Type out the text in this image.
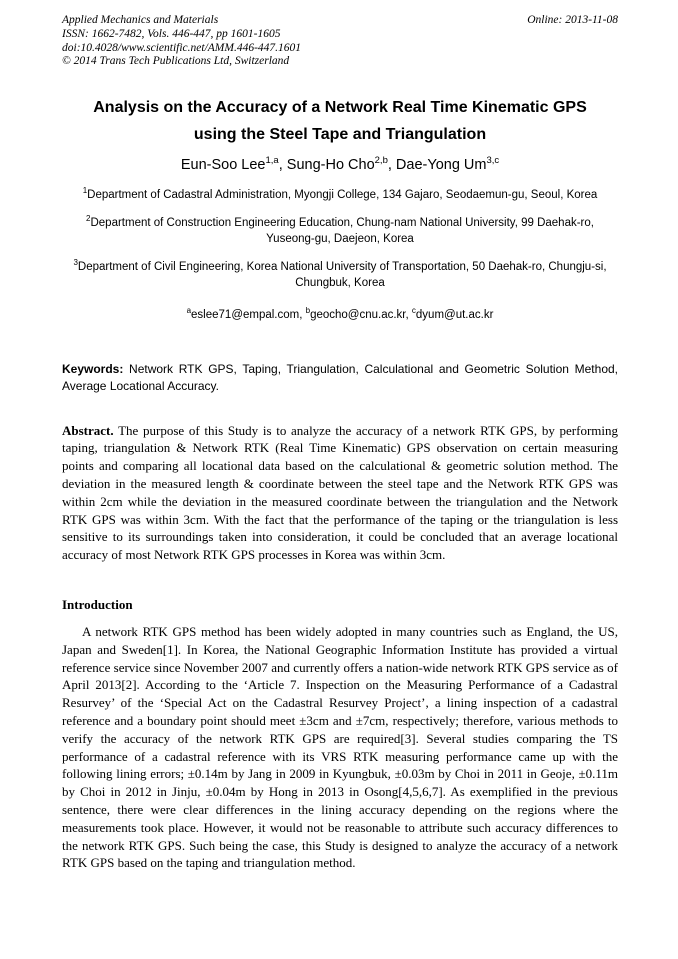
Applied Mechanics and Materials
ISSN: 1662-7482, Vols. 446-447, pp 1601-1605
doi:10.4028/www.scientific.net/AMM.446-447.1601
© 2014 Trans Tech Publications Ltd, Switzerland
Online: 2013-11-08
Analysis on the Accuracy of a Network Real Time Kinematic GPS
using the Steel Tape and Triangulation
Eun-Soo Lee$^{1,a}$, Sung-Ho Cho$^{2,b}$, Dae-Yong Um$^{3,c}$
$^1$Department of Cadastral Administration, Myongji College, 134 Gajaro, Seodaemun-gu, Seoul, Korea
$^2$Department of Construction Engineering Education, Chung-nam National University, 99 Daehak-ro, Yuseong-gu, Daejeon, Korea
$^3$Department of Civil Engineering, Korea National University of Transportation, 50 Daehak-ro, Chungju-si, Chungbuk, Korea
$^a$eslee71@empal.com, $^b$geocho@cnu.ac.kr, $^c$dyum@ut.ac.kr

Keywords: Network RTK GPS, Taping, Triangulation, Calculational and Geometric Solution Method, Average Locational Accuracy.

Abstract. The purpose of this Study is to analyze the accuracy of a network RTK GPS, by performing taping, triangulation & Network RTK (Real Time Kinematic) GPS observation on certain measuring points and comparing all locational data based on the calculational & geometric solution method. The deviation in the measured length & coordinate between the steel tape and the Network RTK GPS was within 2cm while the deviation in the measured coordinate between the triangulation and the Network RTK GPS was within 3cm. With the fact that the performance of the taping or the triangulation is less sensitive to its surroundings taken into consideration, it could be concluded that an average locational accuracy of most Network RTK GPS processes in Korea was within 3cm.

Introduction

A network RTK GPS method has been widely adopted in many countries such as England, the US, Japan and Sweden[1]. In Korea, the National Geographic Information Institute has provided a virtual reference service since November 2007 and currently offers a nation-wide network RTK GPS service as of April 2013[2]. According to the ‘Article 7. Inspection on the Measuring Performance of a Cadastral Resurvey’ of the ‘Special Act on the Cadastral Resurvey Project’, a lining inspection of a cadastral reference and a boundary point should meet ±3cm and ±7cm, respectively; therefore, various methods to verify the accuracy of the network RTK GPS are required[3]. Several studies comparing the TS performance of a cadastral reference with its VRS RTK measuring performance came up with the following lining errors; ±0.14m by Jang in 2009 in Kyungbuk, ±0.03m by Choi in 2011 in Geoje, ±0.11m by Choi in 2012 in Jinju, ±0.04m by Hong in 2013 in Osong[4,5,6,7]. As exemplified in the previous sentence, there were clear differences in the lining accuracy depending on the regions where the measurements took place. However, it would not be reasonable to attribute such accuracy differences to the network RTK GPS. Such being the case, this Study is designed to analyze the accuracy of a network RTK GPS based on the taping and triangulation method.
